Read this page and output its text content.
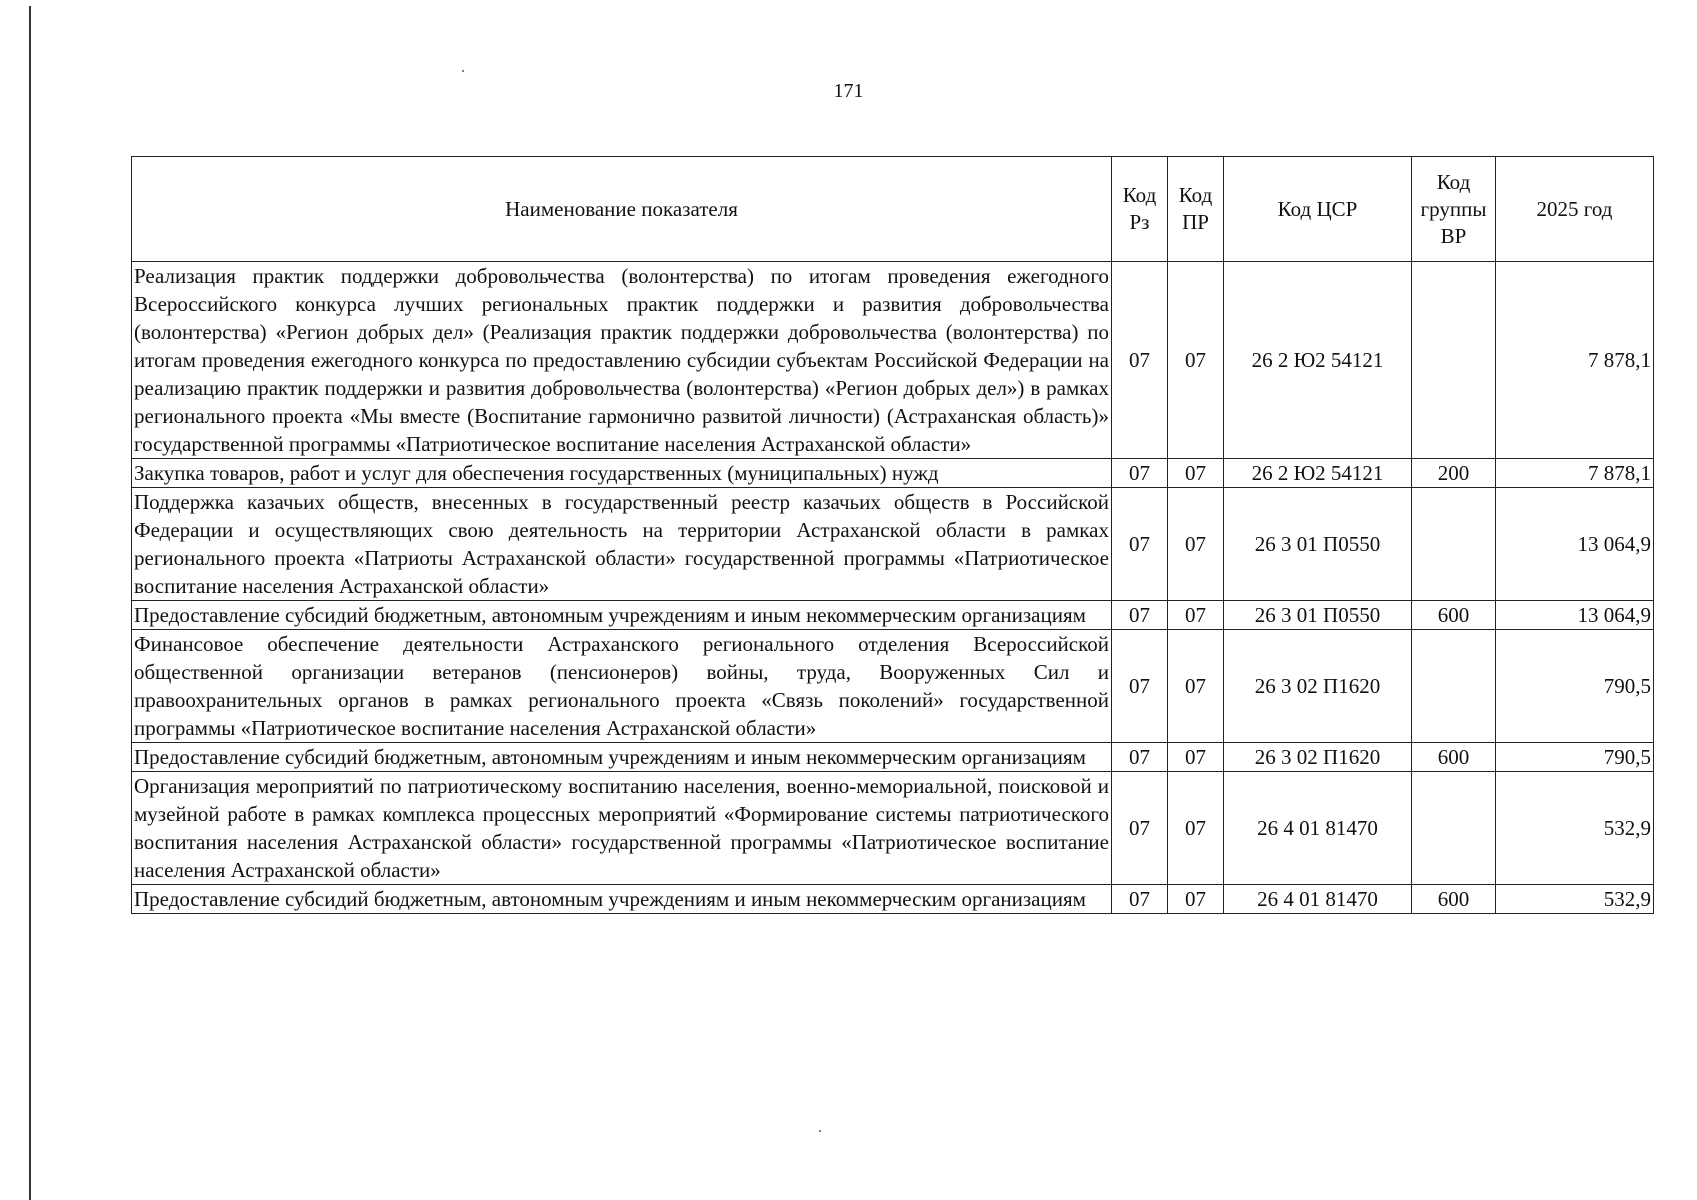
171
Наименование показателя	Код Рз	Код ПР	Код ЦСР	Код группы ВР	2025 год
Реализация практик поддержки добровольчества (волонтерства) по итогам проведения ежегодного Всероссийского конкурса лучших региональных практик поддержки и развития добровольчества (волонтерства) «Регион добрых дел» (Реализация практик поддержки добровольчества (волонтерства) по итогам проведения ежегодного конкурса по предоставлению субсидии субъектам Российской Федерации на реализацию практик поддержки и развития добровольчества (волонтерства) «Регион добрых дел») в рамках регионального проекта «Мы вместе (Воспитание гармонично развитой личности) (Астраханская область)» государственной программы «Патриотическое воспитание населения Астраханской области»	07	07	26 2 Ю2 54121		7 878,1
Закупка товаров, работ и услуг для обеспечения государственных (муниципальных) нужд	07	07	26 2 Ю2 54121	200	7 878,1
Поддержка казачьих обществ, внесенных в государственный реестр казачьих обществ в Российской Федерации и осуществляющих свою деятельность на территории Астраханской области в рамках регионального проекта «Патриоты Астраханской области» государственной программы «Патриотическое воспитание населения Астраханской области»	07	07	26 3 01 П0550		13 064,9
Предоставление субсидий бюджетным, автономным учреждениям и иным некоммерческим организациям	07	07	26 3 01 П0550	600	13 064,9
Финансовое обеспечение деятельности Астраханского регионального отделения Всероссийской общественной организации ветеранов (пенсионеров) войны, труда, Вооруженных Сил и правоохранительных органов в рамках регионального проекта «Связь поколений» государственной программы «Патриотическое воспитание населения Астраханской области»	07	07	26 3 02 П1620		790,5
Предоставление субсидий бюджетным, автономным учреждениям и иным некоммерческим организациям	07	07	26 3 02 П1620	600	790,5
Организация мероприятий по патриотическому воспитанию населения, военно-мемориальной, поисковой и музейной работе в рамках комплекса процессных мероприятий «Формирование системы патриотического воспитания населения Астраханской области» государственной программы «Патриотическое воспитание населения Астраханской области»	07	07	26 4 01 81470		532,9
Предоставление субсидий бюджетным, автономным учреждениям и иным некоммерческим организациям	07	07	26 4 01 81470	600	532,9
